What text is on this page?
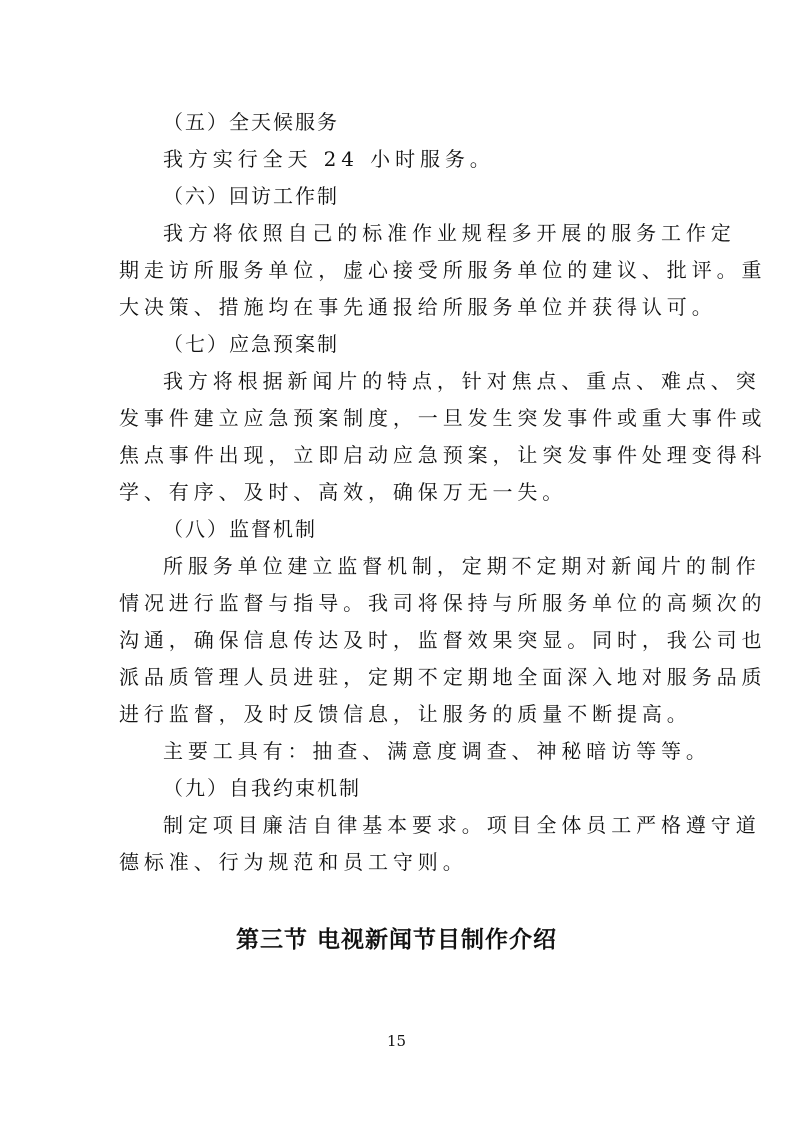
（五）全天候服务
我方实行全天 24 小时服务。
（六）回访工作制
我方将依照自己的标准作业规程多开展的服务工作定
期走访所服务单位，虚心接受所服务单位的建议、批评。重
大决策、措施均在事先通报给所服务单位并获得认可。
（七）应急预案制
我方将根据新闻片的特点，针对焦点、重点、难点、突
发事件建立应急预案制度，一旦发生突发事件或重大事件或
焦点事件出现，立即启动应急预案，让突发事件处理变得科
学、有序、及时、高效，确保万无一失。
（八）监督机制
所服务单位建立监督机制，定期不定期对新闻片的制作
情况进行监督与指导。我司将保持与所服务单位的高频次的
沟通，确保信息传达及时，监督效果突显。同时，我公司也
派品质管理人员进驻，定期不定期地全面深入地对服务品质
进行监督，及时反馈信息，让服务的质量不断提高。
主要工具有：抽查、满意度调查、神秘暗访等等。
（九）自我约束机制
制定项目廉洁自律基本要求。项目全体员工严格遵守道
德标准、行为规范和员工守则。
第三节 电视新闻节目制作介绍
15
